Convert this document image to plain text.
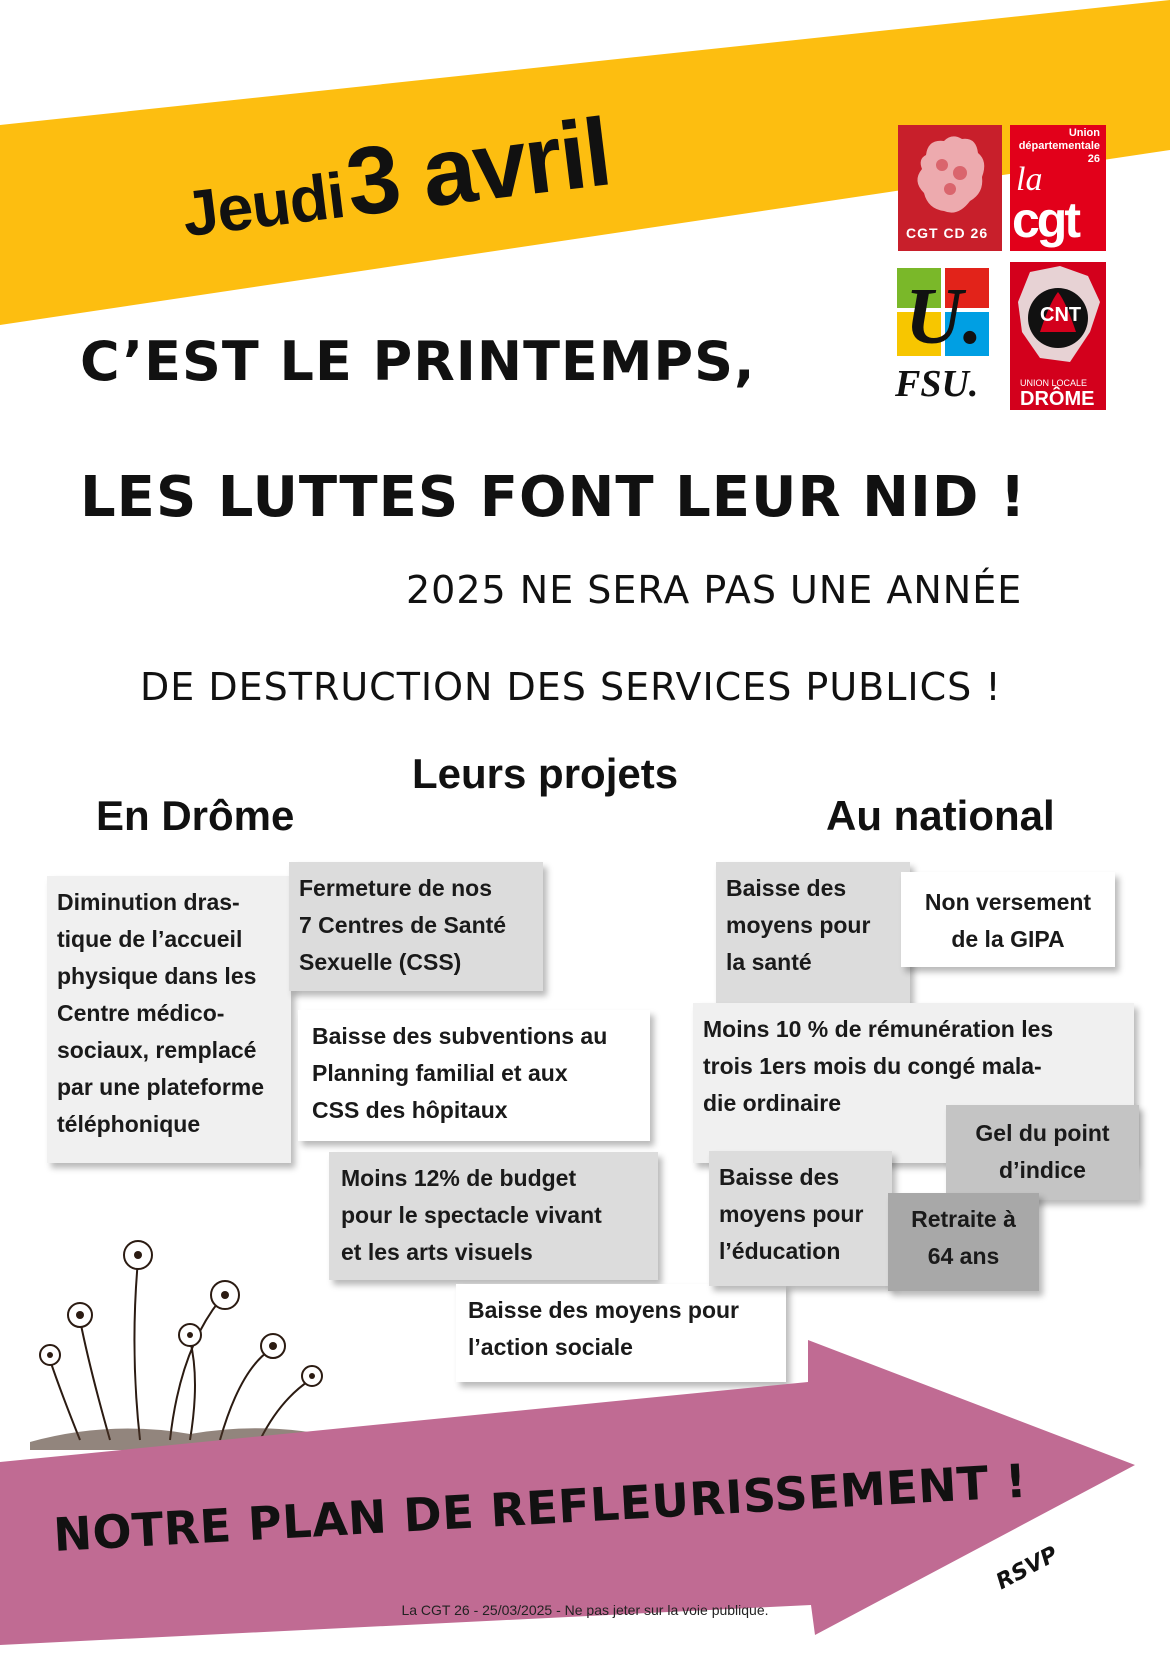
Jeudi 3 avril	CGT CD 26
Union
départementale
26
la
cgt
U.
FSU.
CNT
UNION LOCALE
DRÔME
C’EST LE PRINTEMPS,
LES LUTTES FONT LEUR NID !
2025 NE SERA PAS UNE ANNÉE
DE DESTRUCTION DES SERVICES PUBLICS !
Leurs projets
En Drôme	Au national
Diminution dras-
tique de l’accueil
physique dans les
Centre médico-
sociaux, remplacé
par une plateforme
téléphonique
Fermeture de nos
7 Centres de Santé
Sexuelle (CSS)
Baisse des subventions au
Planning familial et aux
CSS des hôpitaux
Moins 12% de budget
pour le spectacle vivant
et les arts visuels
Baisse des moyens pour
l’action sociale
Baisse des
moyens pour
la santé
Non versement
de la GIPA
Moins 10 % de rémunération les
trois 1ers mois du congé mala-
die ordinaire
Gel du point
d’indice
Baisse des
moyens pour
l’éducation
Retraite à
64 ans
NOTRE PLAN DE REFLEURISSEMENT !
RSVP
La CGT 26 - 25/03/2025 - Ne pas jeter sur la voie publique.
